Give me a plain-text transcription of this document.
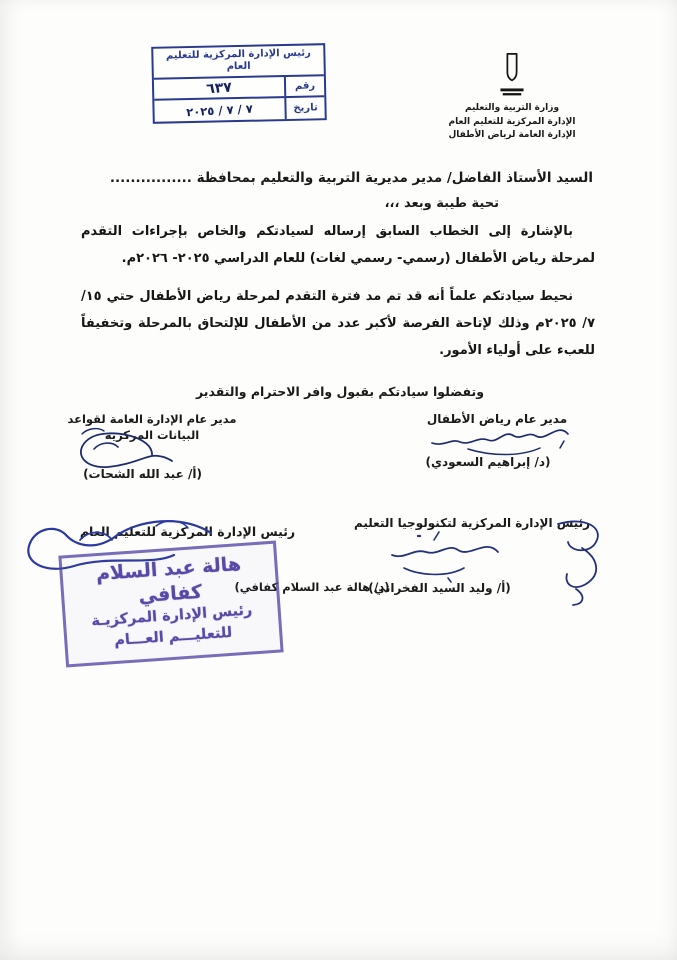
رئيس الإدارة المركزية للتعليم العام
رقم
٦٣٧
تاريخ
٧ / ٧ / ٢٠٢٥	وزارة التربية والتعليم
الإدارة المركزية للتعليم العام
الإدارة العامة لرياض الأطفال
السيد الأستاذ الفاضل/ مدير مديرية التربية والتعليم بمحافظة ................
تحية طيبة وبعد ،،،

بالإشارة إلى الخطاب السابق إرساله لسيادتكم والخاص بإجراءات التقدم لمرحلة رياض الأطفال (رسمي- رسمي لغات) للعام الدراسي ٢٠٢٥- ٢٠٢٦م.

نحيط سيادتكم علماً أنه قد تم مد فترة التقدم لمرحلة رياض الأطفال حتي ١٥/ ٧/ ٢٠٢٥م وذلك لإتاحة الفرصة لأكبر عدد من الأطفال للإلتحاق بالمرحلة وتخفيفاً للعبء على أولياء الأمور.

وتفضلوا سيادتكم بقبول وافر الاحترام والتقدير
مدير عام رياض الأطفال
(د/ إبراهيم السعودي)
مدير عام الإدارة العامة لقواعد
البيانات المركزية
(أ/ عبد الله الشحات)
رئيس الإدارة المركزية لتكنولوجيا التعليم
(أ/ وليد السيد الفخراني)
رئيس الإدارة المركزية للتعليم العام
(د/ هالة عبد السلام كفافي)
هالة عبد السلام كفافي
رئيس الإدارة المركزيـة
للتعليـــم العـــام
